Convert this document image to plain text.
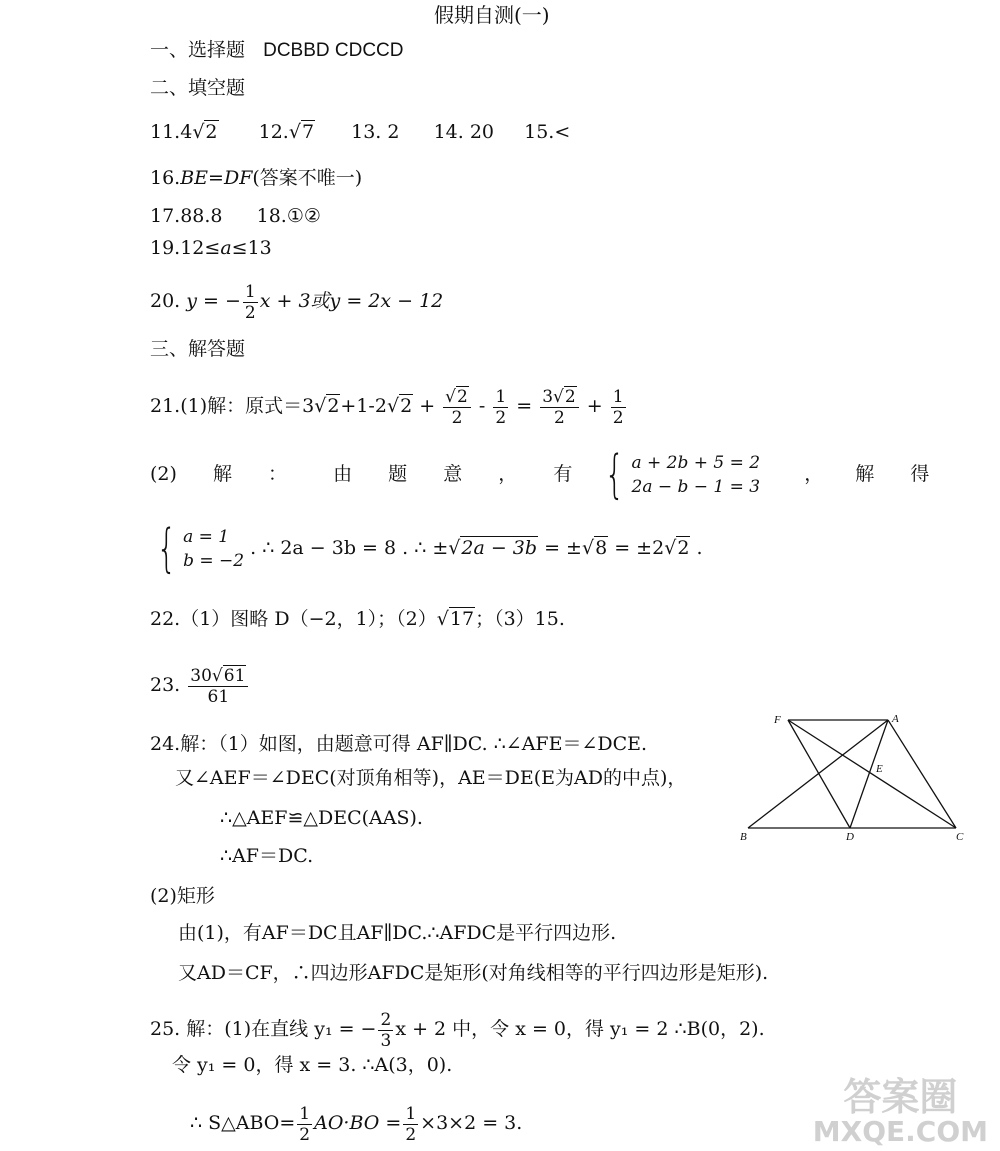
假期自测(一)
一、选择题 DCBBD CDCCD
二、填空题
11.4√2 12.√7 13. 2 14. 20 15.<
16.BE=DF(答案不唯一)
17.88.8 18.①②
19.12≤a≤13
20. y = − $\frac{1}{2}$ x + 3或y = 2x − 12
三、解答题
21.(1)解：原式$=3√2+1-2√2 + \frac{√2}{2} - \frac{1}{2} = \frac{3√2}{2} + \frac{1}{2}$
(2) 解 ： 由 题 意 ， 有 { a + 2b + 5 = 2
2a − b − 1 = 3
， 解 得
{ a = 1
b = −2
. ∴ 2a − 3b = 8 . ∴ ±√2a − 3b = ±√8 = ±2√2 .
22.（1）图略 D（−2，1）；（2）√17；（3）15.
23. $\frac{30√61}{61}$
24.解：（1）如图，由题意可得 AF∥DC. ∴∠AFE＝∠DCE.
又∠AEF＝∠DEC(对顶角相等)，AE＝DE(E为AD的中点)，
∴△AEF≌△DEC(AAS).
∴AF＝DC.
(2)矩形
由(1)，有AF＝DC且AF∥DC.∴AFDC是平行四边形.
又AD＝CF，∴四边形AFDC是矩形(对角线相等的平行四边形是矩形).
F	A
E
B	D	C
25. 解：(1)在直线 y₁ = − $\frac{2}{3}$ x + 2 中，令 x = 0，得 y₁ = 2 ∴B(0，2).
令 y₁ = 0，得 x = 3. ∴A(3，0).
∴ S△ABO= $\frac{1}{2} AO\cdot BO = \frac{1}{2} \times 3\times 2 = 3$.
答案圈
MXQE.COM
